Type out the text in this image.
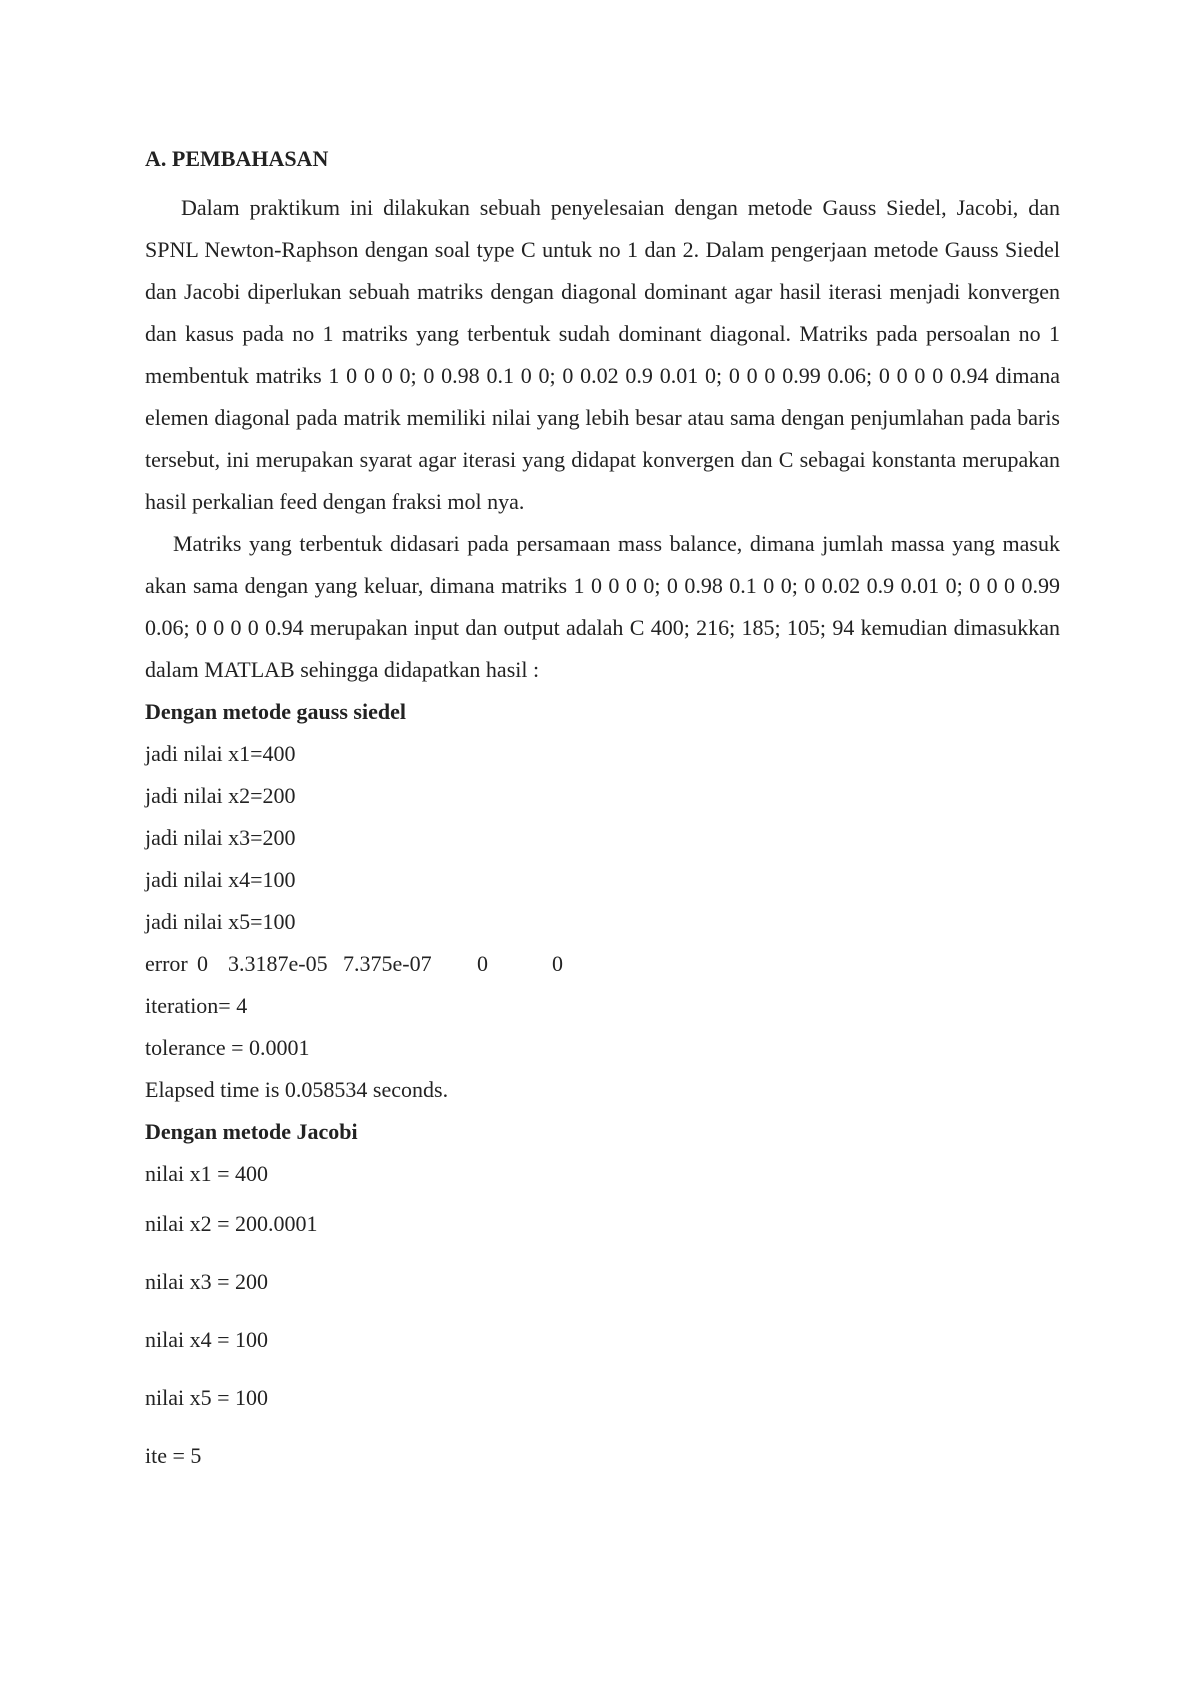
A. PEMBAHASAN

Dalam praktikum ini dilakukan sebuah penyelesaian dengan metode Gauss Siedel, Jacobi, dan SPNL Newton-Raphson dengan soal type C untuk no 1 dan 2. Dalam pengerjaan metode Gauss Siedel dan Jacobi diperlukan sebuah matriks dengan diagonal dominant agar hasil iterasi menjadi konvergen dan kasus pada no 1 matriks yang terbentuk sudah dominant diagonal. Matriks pada persoalan no 1 membentuk matriks 1 0 0 0 0; 0 0.98 0.1 0 0; 0 0.02 0.9 0.01 0; 0 0 0 0.99 0.06; 0 0 0 0 0.94 dimana elemen diagonal pada matrik memiliki nilai yang lebih besar atau sama dengan penjumlahan pada baris tersebut, ini merupakan syarat agar iterasi yang didapat konvergen dan C sebagai konstanta merupakan hasil perkalian feed dengan fraksi mol nya.

Matriks yang terbentuk didasari pada persamaan mass balance, dimana jumlah massa yang masuk akan sama dengan yang keluar, dimana matriks 1 0 0 0 0; 0 0.98 0.1 0 0; 0 0.02 0.9 0.01 0; 0 0 0 0.99 0.06; 0 0 0 0 0.94 merupakan input dan output adalah C 400; 216; 185; 105; 94 kemudian dimasukkan dalam MATLAB sehingga didapatkan hasil :

Dengan metode gauss siedel

jadi nilai x1=400

jadi nilai x2=200

jadi nilai x3=200

jadi nilai x4=100

jadi nilai x5=100

error 0 3.3187e-05 7.375e-07	0	0

iteration= 4

tolerance = 0.0001

Elapsed time is 0.058534 seconds.

Dengan metode Jacobi

nilai x1 = 400

nilai x2 = 200.0001

nilai x3 = 200

nilai x4 = 100

nilai x5 = 100

ite = 5
